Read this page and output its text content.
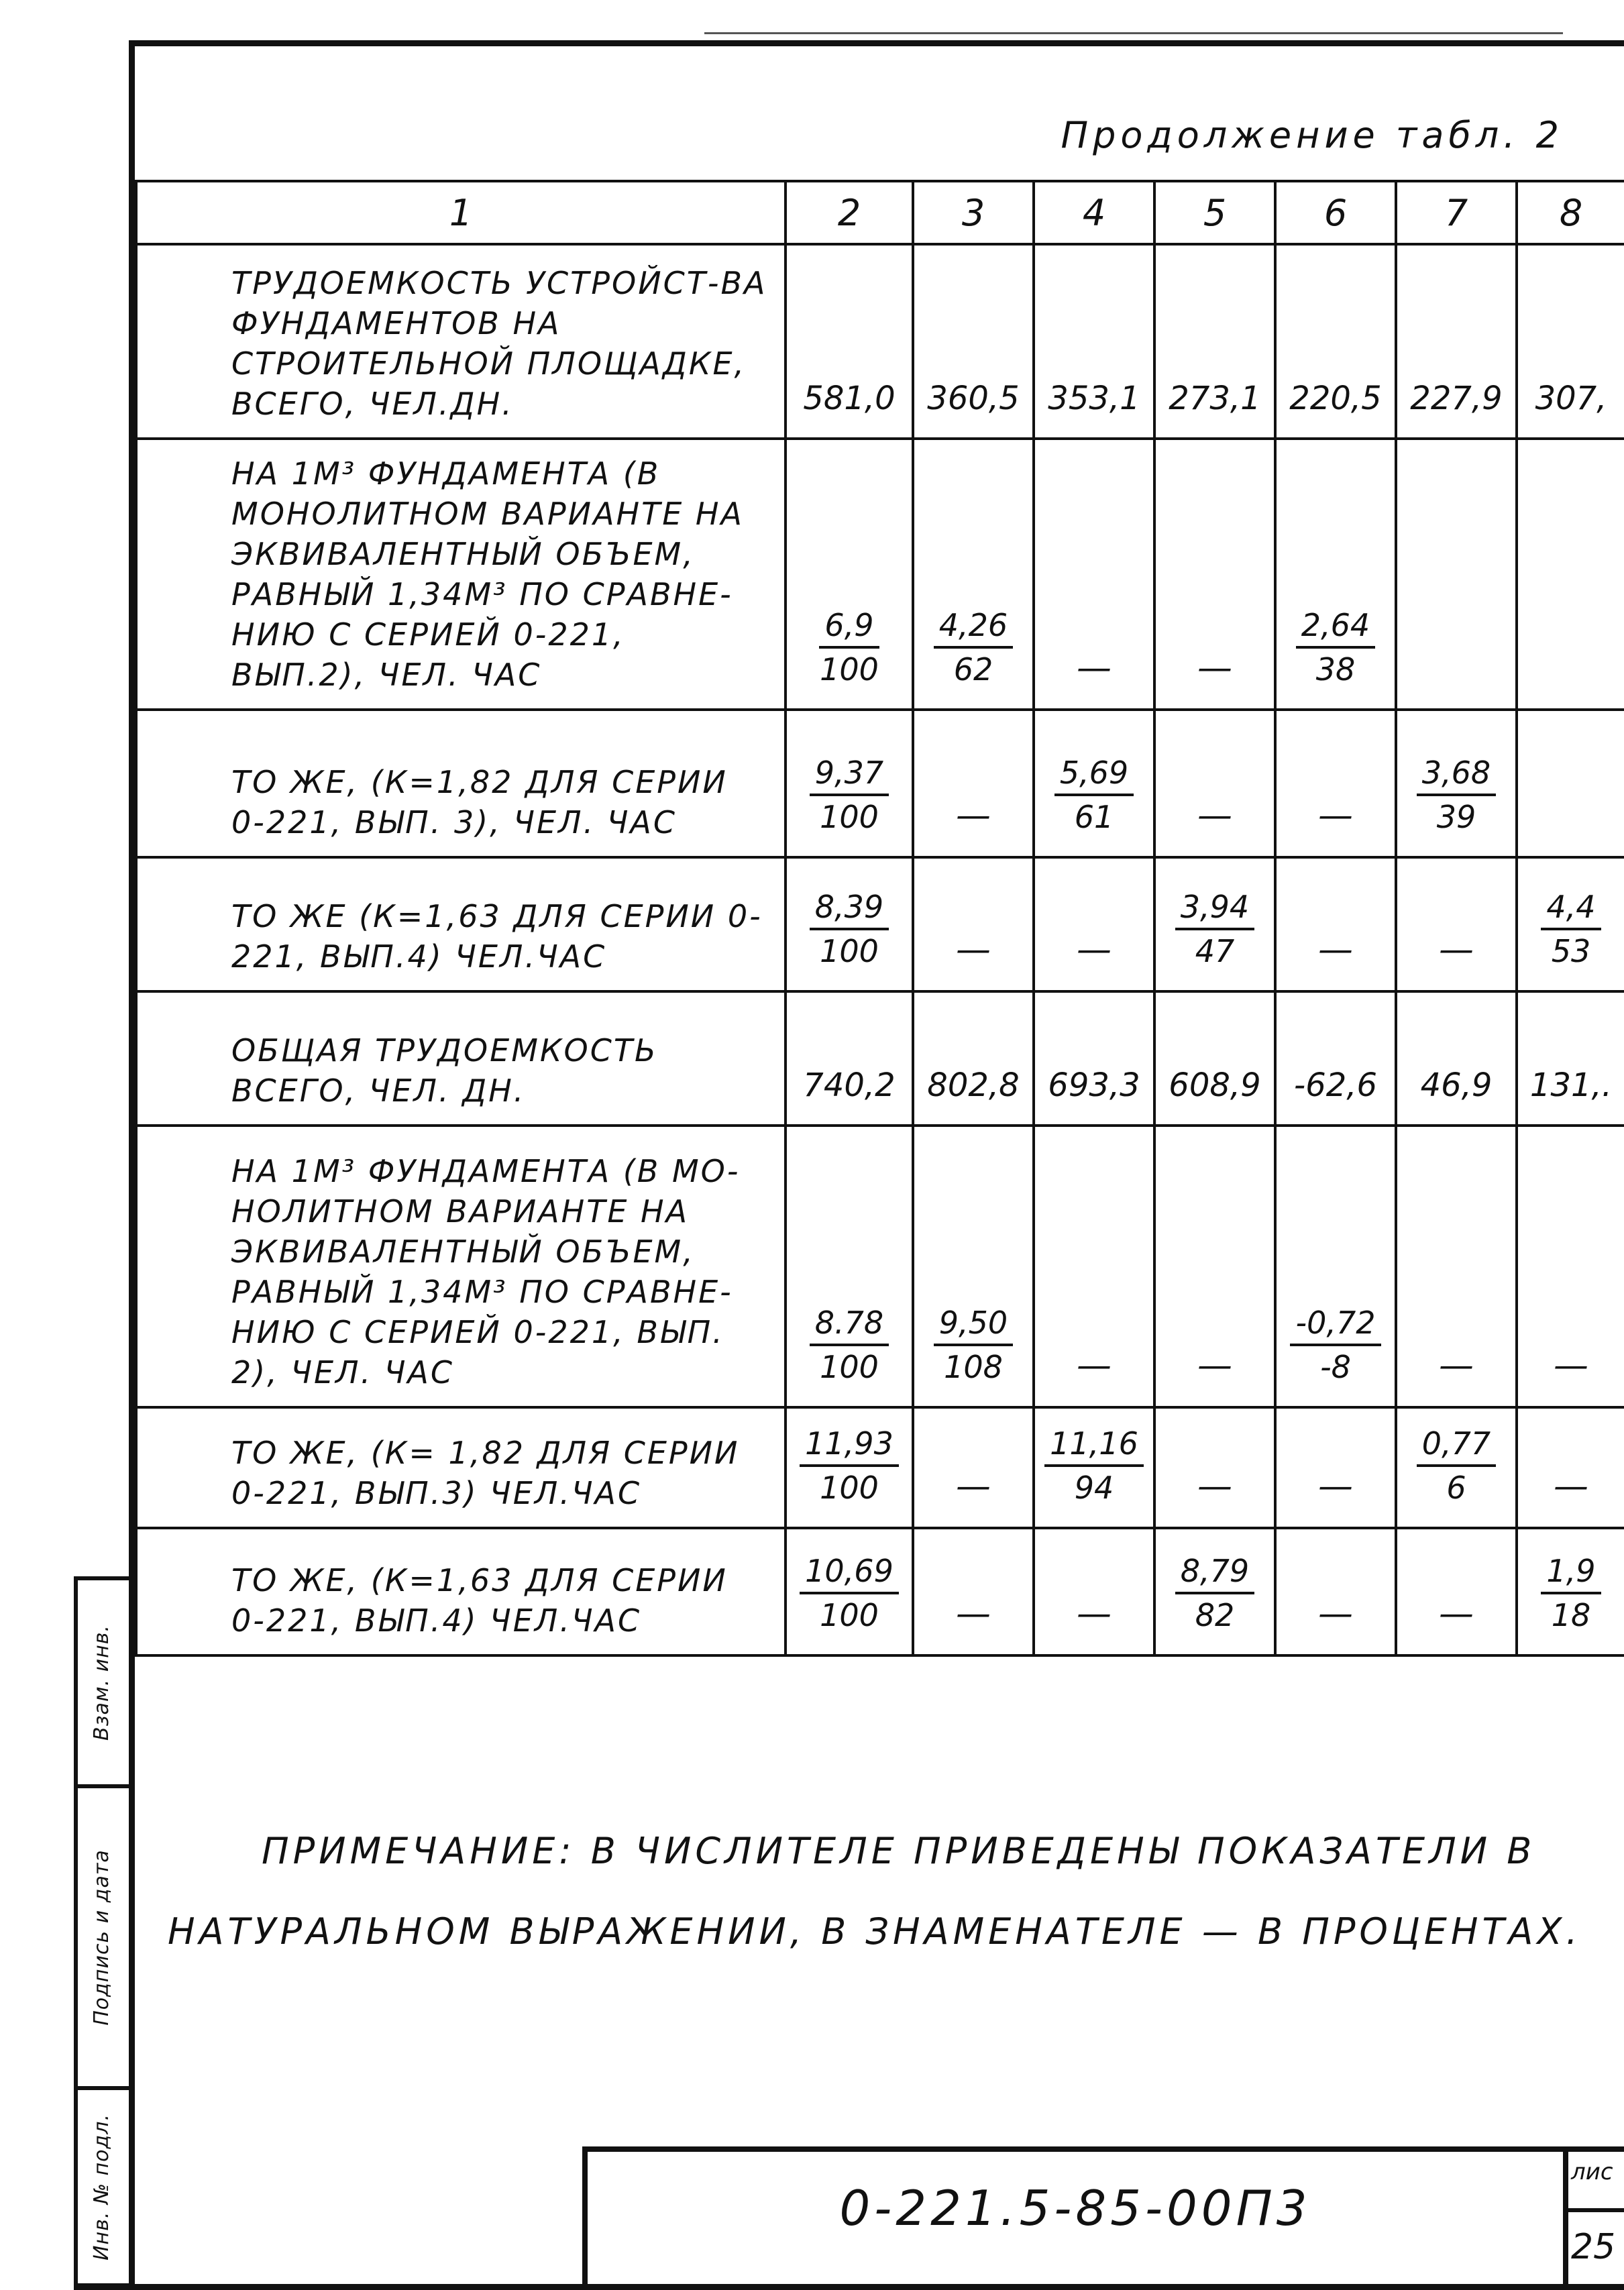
Взам. инв.
Подпись и дата
Инв. № подл.
Продолжение табл. 2
1	2	3	4	5	6	7	8
ТРУДОЕМКОСТЬ УСТРОЙСТ-ВА ФУНДАМЕНТОВ НА СТРОИТЕЛЬНОЙ ПЛОЩАДКЕ, ВСЕГО, ЧЕЛ.ДН.	581,0	360,5	353,1	273,1	220,5	227,9	307,
НА 1М³ ФУНДАМЕНТА (В МОНОЛИТНОМ ВАРИАНТЕ НА ЭКВИВАЛЕНТНЫЙ ОБЪЕМ, РАВНЫЙ 1,34М³ ПО СРАВНЕ-НИЮ С СЕРИЕЙ 0-221, ВЫП.2), ЧЕЛ. ЧАС	$\frac{6,9}{100}$	$\frac{4,26}{62}$	—	—	$\frac{2,64}{38}$

ТО ЖЕ, (К=1,82 ДЛЯ СЕРИИ 0-221, ВЫП. 3), ЧЕЛ. ЧАС	$\frac{9,37}{100}$	—	$\frac{5,69}{61}$	—	—	$\frac{3,68}{39}$

ТО ЖЕ (К=1,63 ДЛЯ СЕРИИ 0-221, ВЫП.4) ЧЕЛ.ЧАС	$\frac{8,39}{100}$	—	—	$\frac{3,94}{47}$	—	—	$\frac{4,4}{53}$

ОБЩАЯ ТРУДОЕМКОСТЬ ВСЕГО, ЧЕЛ. ДН.	740,2	802,8	693,3	608,9	-62,6	46,9	131,.
НА 1М³ ФУНДАМЕНТА (В МО-НОЛИТНОМ ВАРИАНТЕ НА ЭКВИВАЛЕНТНЫЙ ОБЪЕМ, РАВНЫЙ 1,34М³ ПО СРАВНЕ-НИЮ С СЕРИЕЙ 0-221, ВЫП. 2), ЧЕЛ. ЧАС	$\frac{8.78}{100}$	$\frac{9,50}{108}$	—	—	$\frac{-0,72}{-8}$	—	—
ТО ЖЕ, (К= 1,82 ДЛЯ СЕРИИ 0-221, ВЫП.3) ЧЕЛ.ЧАС	$\frac{11,93}{100}$	—	$\frac{11,16}{94}$	—	—	$\frac{0,77}{6}$	—
ТО ЖЕ, (К=1,63 ДЛЯ СЕРИИ 0-221, ВЫП.4) ЧЕЛ.ЧАС	$\frac{10,69}{100}$	—	—	$\frac{8,79}{82}$	—	—	$\frac{1,9}{18}$
ПРИМЕЧАНИЕ: В ЧИСЛИТЕЛЕ ПРИВЕДЕНЫ ПОКАЗАТЕЛИ В
НАТУРАЛЬНОМ ВЫРАЖЕНИИ, В ЗНАМЕНАТЕЛЕ — В ПРОЦЕНТАХ.
0-221.5-85-00П3
лис
25
